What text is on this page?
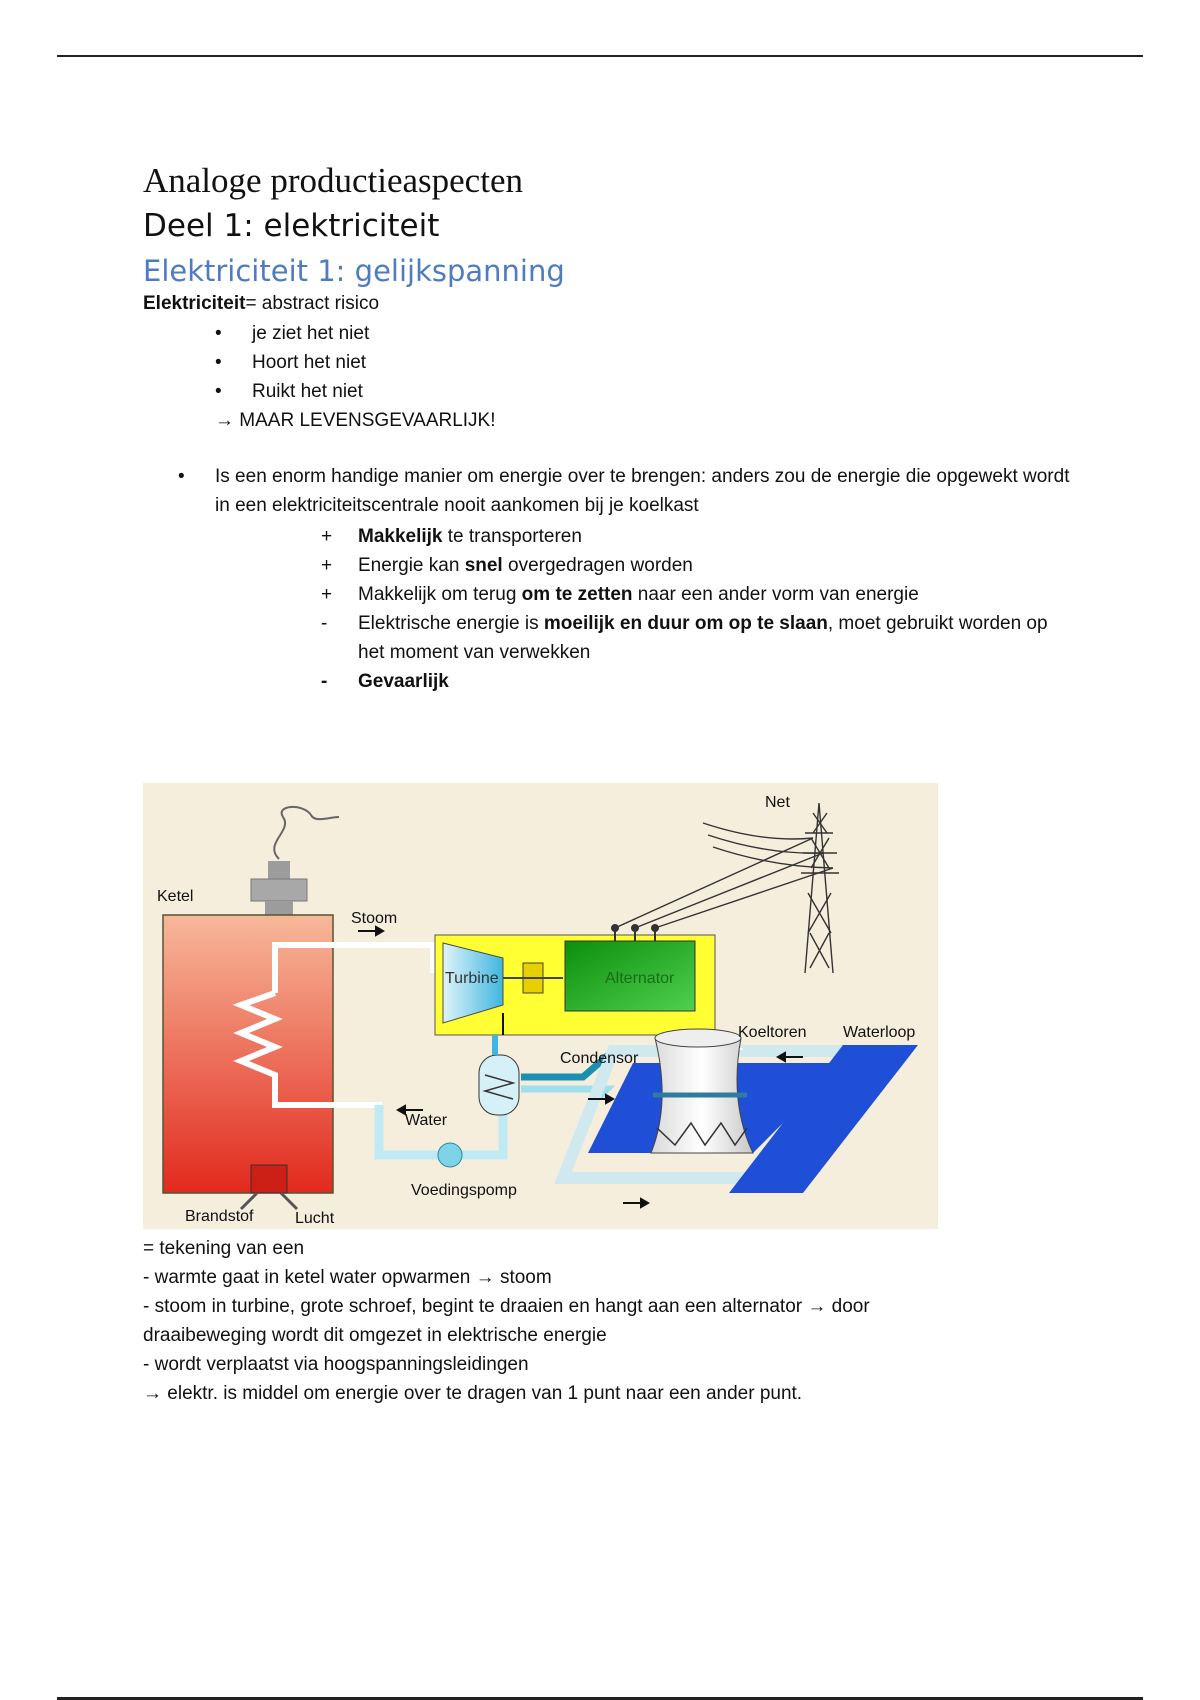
Analoge productieaspecten
Deel 1: elektriciteit
Elektriciteit 1: gelijkspanning

Elektriciteit= abstract risico

• je ziet het niet
• Hoort het niet
• Ruikt het niet
→ MAAR LEVENSGEVAARLIJK!
• Is een enorm handige manier om energie over te brengen: anders zou de energie die opgewekt wordt in een elektriciteitscentrale nooit aankomen bij je koelkast
+ Makkelijk te transporteren
+ Energie kan snel overgedragen worden
+ Makkelijk om terug om te zetten naar een ander vorm van energie
- Elektrische energie is moeilijk en duur om op te slaan, moet gebruikt worden op het moment van verwekken
- Gevaarlijk
Ketel
Stoom
Turbine	Alternator
Net
Koeltoren Waterloop
Condensor
Water
Voedingspomp
Brandstof	Lucht
= tekening van een
- warmte gaat in ketel water opwarmen → stoom
- stoom in turbine, grote schroef, begint te draaien en hangt aan een alternator → door draaibeweging wordt dit omgezet in elektrische energie
- wordt verplaatst via hoogspanningsleidingen
→ elektr. is middel om energie over te dragen van 1 punt naar een ander punt.
